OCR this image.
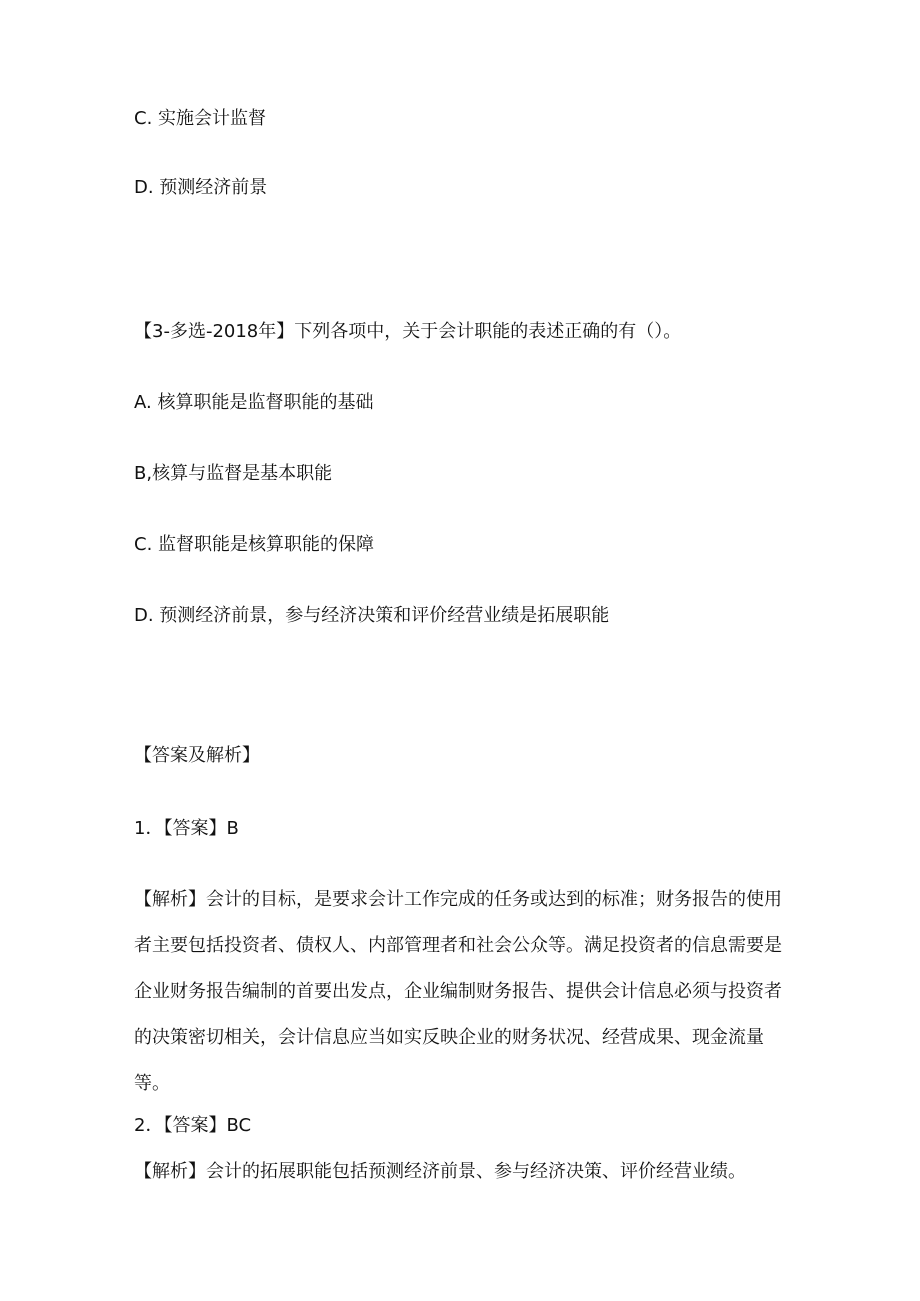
C. 实施会计监督
D. 预测经济前景
【3-多选-2018年】下列各项中，关于会计职能的表述正确的有（）。
A. 核算职能是监督职能的基础
B,核算与监督是基本职能
C. 监督职能是核算职能的保障
D. 预测经济前景，参与经济决策和评价经营业绩是拓展职能
【答案及解析】
1．【答案】B
【解析】会计的目标，是要求会计工作完成的任务或达到的标准；财务报告的使用者主要包括投资者、债权人、内部管理者和社会公众等。满足投资者的信息需要是企业财务报告编制的首要出发点，企业编制财务报告、提供会计信息必须与投资者的决策密切相关，会计信息应当如实反映企业的财务状况、经营成果、现金流量等。
2．【答案】BC
【解析】会计的拓展职能包括预测经济前景、参与经济决策、评价经营业绩。
